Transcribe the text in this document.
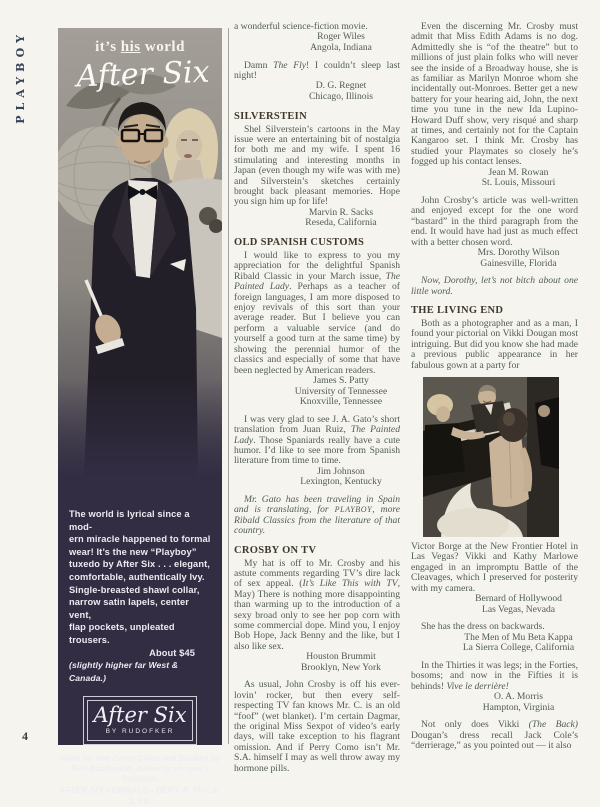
PLAYBOY
4
it’s his world
After Six
The world is lyrical since a mod-
ern miracle happened to formal
wear! It’s the new “Playboy”
tuxedo by After Six . . . elegant,
comfortable, authentically Ivy.
Single-breasted shawl collar,
narrow satin lapels, center vent,
flap pockets, unpleated trousers.
About $45
(slightly higher far West & Canada.)
After Six
BY RUDOFKER
Write for free Dress Chart and Booklet by
Bert Bacharach, authority on men’s fashions.
AFTER SIX FORMALS • DEPT. P, PHILA. 3, PA.
a wonderful science-fiction movie.
Roger Wiles
Angola, Indiana
Damn The Fly! I couldn’t sleep last night!
D. G. Regnet
Chicago, Illinois
SILVERSTEIN
Shel Silverstein’s cartoons in the May issue were an entertaining bit of nostalgia for both me and my wife. I spent 16 stimulating and interesting months in Japan (even though my wife was with me) and Silverstein’s sketches certainly brought back pleasant memories. Hope you sign him up for life!
Marvin R. Sacks
Reseda, California
OLD SPANISH CUSTOMS
I would like to express to you my appreciation for the delightful Spanish Ribald Classic in your March issue, The Painted Lady. Perhaps as a teacher of foreign languages, I am more disposed to enjoy revivals of this sort than your average reader. But I believe you can perform a valuable service (and do yourself a good turn at the same time) by showing the perennial humor of the classics and especially of some that have been neglected by American readers.
James S. Patty
University of Tennessee
Knoxville, Tennessee
I was very glad to see J. A. Gato’s short translation from Juan Ruiz, The Painted Lady. Those Spaniards really have a cute humor. I’d like to see more from Spanish literature from time to time.
Jim Johnson
Lexington, Kentucky
Mr. Gato has been traveling in Spain and is translating, for PLAYBOY, more Ribald Classics from the literature of that country.
CROSBY ON TV
My hat is off to Mr. Crosby and his astute comments regarding TV’s dire lack of sex appeal. (It’s Like This with TV, May) There is nothing more disappointing than warming up to the introduction of a sexy broad only to see her pop corn with some commercial dope. Mind you, I enjoy Bob Hope, Jack Benny and the like, but I also like sex.
Houston Brummit
Brooklyn, New York
As usual, John Crosby is off his ever-lovin’ rocker, but then every self-respecting TV fan knows Mr. C. is an old “foof” (wet blanket). I’m certain Dagmar, the original Miss Sexpot of video’s early days, will take exception to his flagrant omission. And if Perry Como isn’t Mr. S.A. himself I may as well throw away my hormone pills.
Even the discerning Mr. Crosby must admit that Miss Edith Adams is no dog. Admittedly she is “of the theatre” but to millions of just plain folks who will never see the inside of a Broadway house, she is as familiar as Marilyn Monroe whom she incidentally out-Monroes. Better get a new battery for your hearing aid, John, the next time you tune in the new Ida Lupino-Howard Duff show, very risqué and sharp at times, and certainly not for the Captain Kangaroo set. I think Mr. Crosby has studied your Playmates so closely he’s fogged up his contact lenses.
Jean M. Rowan
St. Louis, Missouri
John Crosby’s article was well-written and enjoyed except for the one word “bastard” in the third paragraph from the end. It would have had just as much effect with a better chosen word.
Mrs. Dorothy Wilson
Gainesville, Florida
Now, Dorothy, let’s not bitch about one little word.
THE LIVING END
Both as a photographer and as a man, I found your pictorial on Vikki Dougan most intriguing. But did you know she had made a previous public appearance in her fabulous gown at a party for
Victor Borge at the New Frontier Hotel in Las Vegas? Vikki and Kathy Marlowe engaged in an impromptu Battle of the Cleavages, which I preserved for posterity with my camera.
Bernard of Hollywood
Las Vegas, Nevada
She has the dress on backwards.
The Men of Mu Beta Kappa
La Sierra College, California
In the Thirties it was legs; in the Forties, bosoms; and now in the Fifties it is behinds! Vive le derrière!
O. A. Morris
Hampton, Virginia
Not only does Vikki (The Back) Dougan’s dress recall Jack Cole’s “derrierage,” as you pointed out — it also
